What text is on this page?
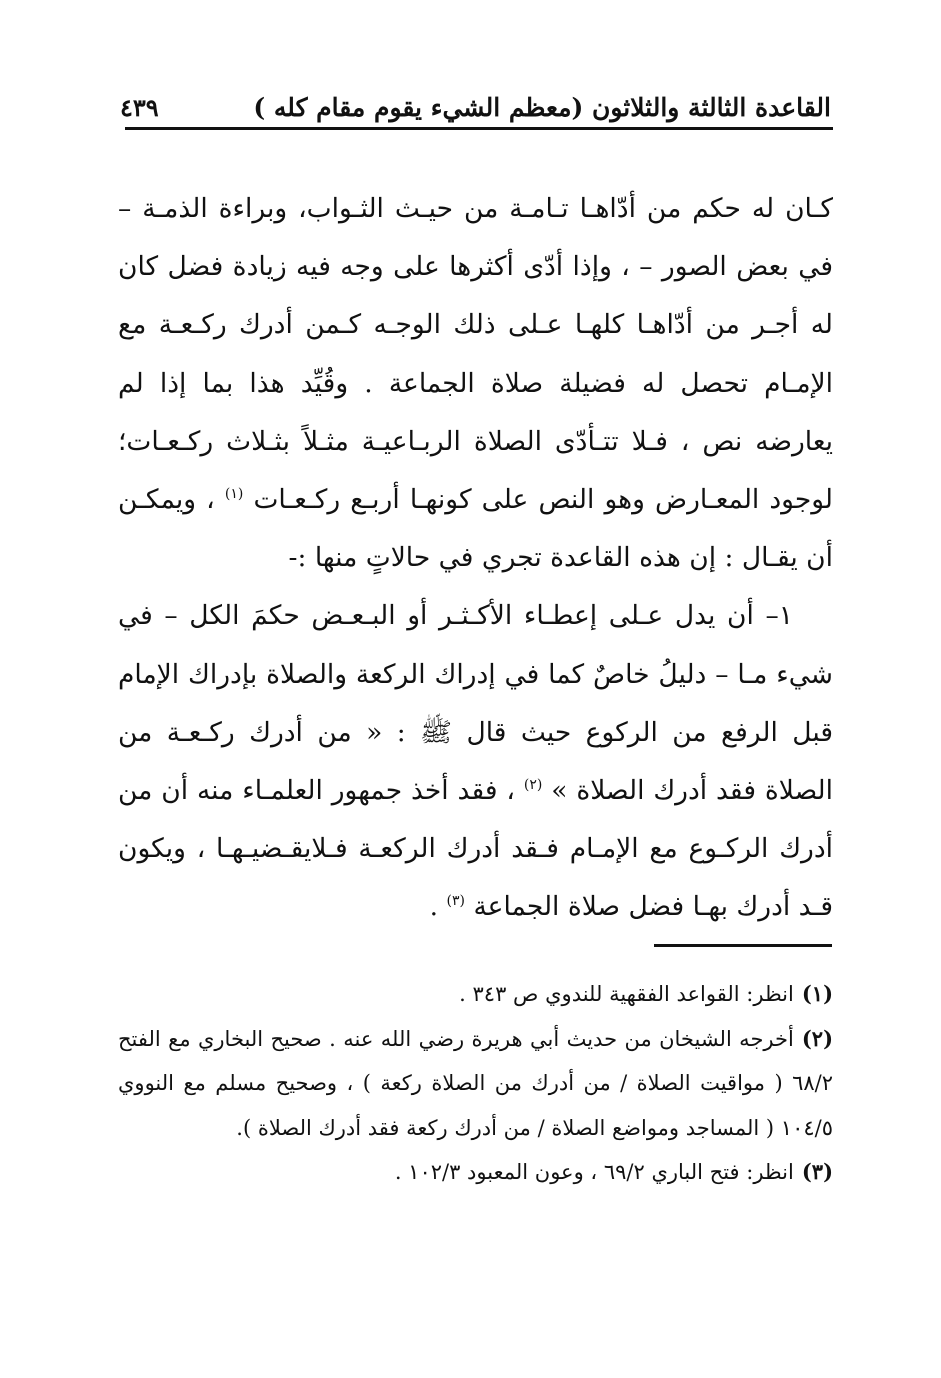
القاعدة الثالثة والثلاثون (معظم الشيء يقوم مقام كله )
٤٣٩

كـان له حكم من أدّاهـا تـامـة من حيـث الثـواب، وبراءة الذمـة – في بعض الصور – ، وإذا أدّى أكثرها على وجه فيه زيادة فضل كان له أجـر من أدّاهـا كلهـا عـلى ذلك الوجـه كـمن أدرك ركـعـة مع الإمـام تحصل له فضيلة صلاة الجماعة . وقُيِّد هذا بما إذا لم يعارضه نص ، فـلا تتـأدّى الصلاة الربـاعيـة مثـلاً بثـلاث ركـعـات؛ لوجود المعـارض وهو النص على كونهـا أربـع ركـعـات $^{(١)}$ ، ويمكـن أن يقـال : إن هذه القاعدة تجري في حالاتٍ منها :-

١– أن يدل عـلى إعطـاء الأكـثـر أو البـعـض حكمَ الكل – في شيء مـا – دليلُ خاصٌ كما في إدراك الركعة والصلاة بإدراك الإمام قبل الرفع من الركوع حيث قال ﷺ : « من أدرك ركـعـة من الصلاة فقد أدرك الصلاة » $^{(٢)}$ ، فقد أخذ جمهور العلمـاء منه أن من أدرك الركـوع مع الإمـام فـقد أدرك الركعـة فـلايقـضيـهـا ، ويكون قـد أدرك بهـا فضل صلاة الجماعة $^{(٣)}$ .

(١)انظر: القواعد الفقهية للندوي ص ٣٤٣ .

(٢)أخرجه الشيخان من حديث أبي هريرة رضي الله عنه . صحيح البخاري مع الفتح ٦٨/٢ ( مواقيت الصلاة / من أدرك من الصلاة ركعة ) ، وصحيح مسلم مع النووي ١٠٤/٥ ( المساجد ومواضع الصلاة / من أدرك ركعة فقد أدرك الصلاة ).

(٣)انظر: فتح الباري ٦٩/٢ ، وعون المعبود ١٠٢/٣ .
